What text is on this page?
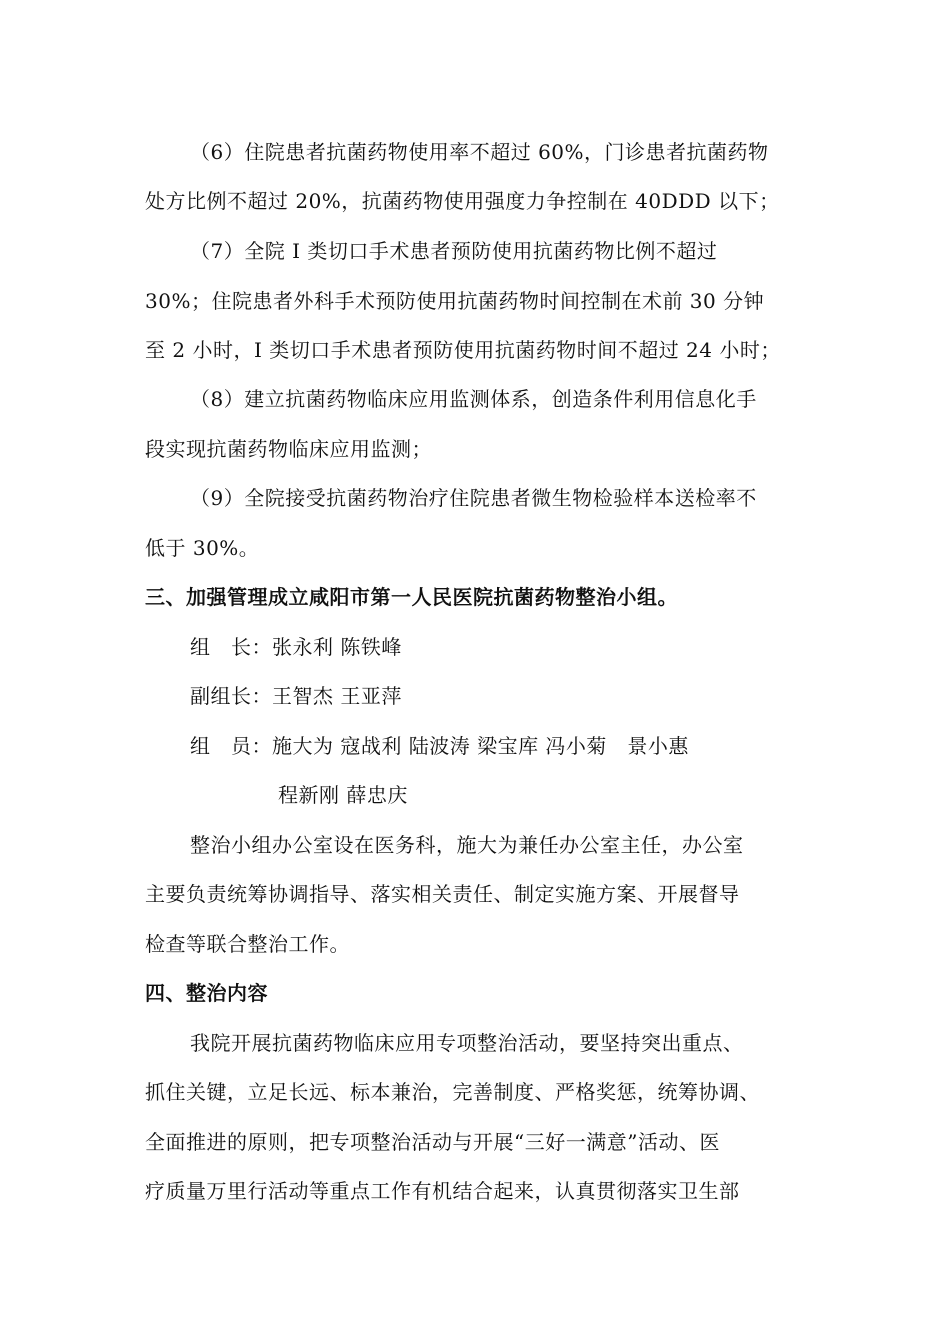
（6）住院患者抗菌药物使用率不超过 60%，门诊患者抗菌药物
处方比例不超过 20%，抗菌药物使用强度力争控制在 40DDD 以下；
（7）全院 I 类切口手术患者预防使用抗菌药物比例不超过
30%；住院患者外科手术预防使用抗菌药物时间控制在术前 30 分钟
至 2 小时，I 类切口手术患者预防使用抗菌药物时间不超过 24 小时；
（8）建立抗菌药物临床应用监测体系，创造条件利用信息化手
段实现抗菌药物临床应用监测；
（9）全院接受抗菌药物治疗住院患者微生物检验样本送检率不
低于 30%。
三、加强管理成立咸阳市第一人民医院抗菌药物整治小组。
组　长：张永利 陈铁峰
副组长：王智杰 王亚萍
组　员：施大为 寇战利 陆波涛 梁宝库 冯小菊　景小惠
程新刚 薛忠庆
整治小组办公室设在医务科，施大为兼任办公室主任，办公室
主要负责统筹协调指导、落实相关责任、制定实施方案、开展督导
检查等联合整治工作。
四、整治内容
我院开展抗菌药物临床应用专项整治活动，要坚持突出重点、
抓住关键，立足长远、标本兼治，完善制度、严格奖惩，统筹协调、
全面推进的原则，把专项整治活动与开展“三好一满意”活动、医
疗质量万里行活动等重点工作有机结合起来，认真贯彻落实卫生部
